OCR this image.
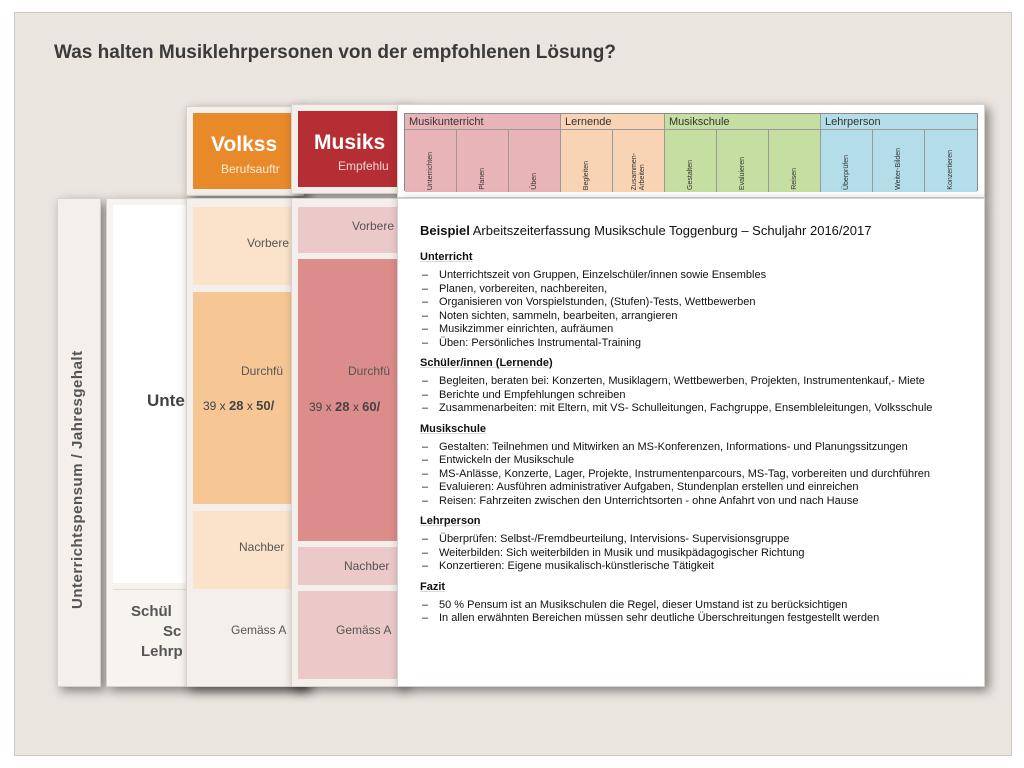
Was halten Musiklehrpersonen von der empfohlenen Lösung?
Unterrichtspensum / Jahresgehalt	Unte
Schül
Sc
Lehrp
Volkss
Berufsauftr
Vorbere
Durchfü
39 x 28 x 50/
Nachber
Gemäss A
Musiks
Empfehlu
Vorbere
Durchfü
39 x 28 x 60/
Nachber
Gemäss A
Musikunterricht	Lernende	Musikschule	Lehrperson
Unterrichten	Planen	Üben	Begleiten	Zusammen-
Arbeiten	Gestalten	Evaluieren	Reisen	Überprüfen	Weiter-Bilden	Konzertieren
Beispiel Arbeitszeiterfassung Musikschule Toggenburg – Schuljahr 2016/2017
Unterricht
– Unterrichtszeit von Gruppen, Einzelschüler/innen sowie Ensembles
– Planen, vorbereiten, nachbereiten,
– Organisieren von Vorspielstunden, (Stufen)-Tests, Wettbewerben
– Noten sichten, sammeln, bearbeiten, arrangieren
– Musikzimmer einrichten, aufräumen
– Üben: Persönliches Instrumental-Training
Schüler/innen (Lernende)
– Begleiten, beraten bei: Konzerten, Musiklagern, Wettbewerben, Projekten, Instrumentenkauf,- Miete
– Berichte und Empfehlungen schreiben
– Zusammenarbeiten: mit Eltern, mit VS- Schulleitungen, Fachgruppe, Ensembleleitungen, Volksschule
Musikschule
– Gestalten: Teilnehmen und Mitwirken an MS-Konferenzen, Informations- und Planungssitzungen
– Entwickeln der Musikschule
– MS-Anlässe, Konzerte, Lager, Projekte, Instrumentenparcours, MS-Tag, vorbereiten und durchführen
– Evaluieren: Ausführen administrativer Aufgaben, Stundenplan erstellen und einreichen
– Reisen: Fahrzeiten zwischen den Unterrichtsorten - ohne Anfahrt von und nach Hause
Lehrperson
– Überprüfen: Selbst-/Fremdbeurteilung, Intervisions- Supervisionsgruppe
– Weiterbilden: Sich weiterbilden in Musik und musikpädagogischer Richtung
– Konzertieren: Eigene musikalisch-künstlerische Tätigkeit
Fazit
– 50 % Pensum ist an Musikschulen die Regel, dieser Umstand ist zu berücksichtigen
– In allen erwähnten Bereichen müssen sehr deutliche Überschreitungen festgestellt werden
